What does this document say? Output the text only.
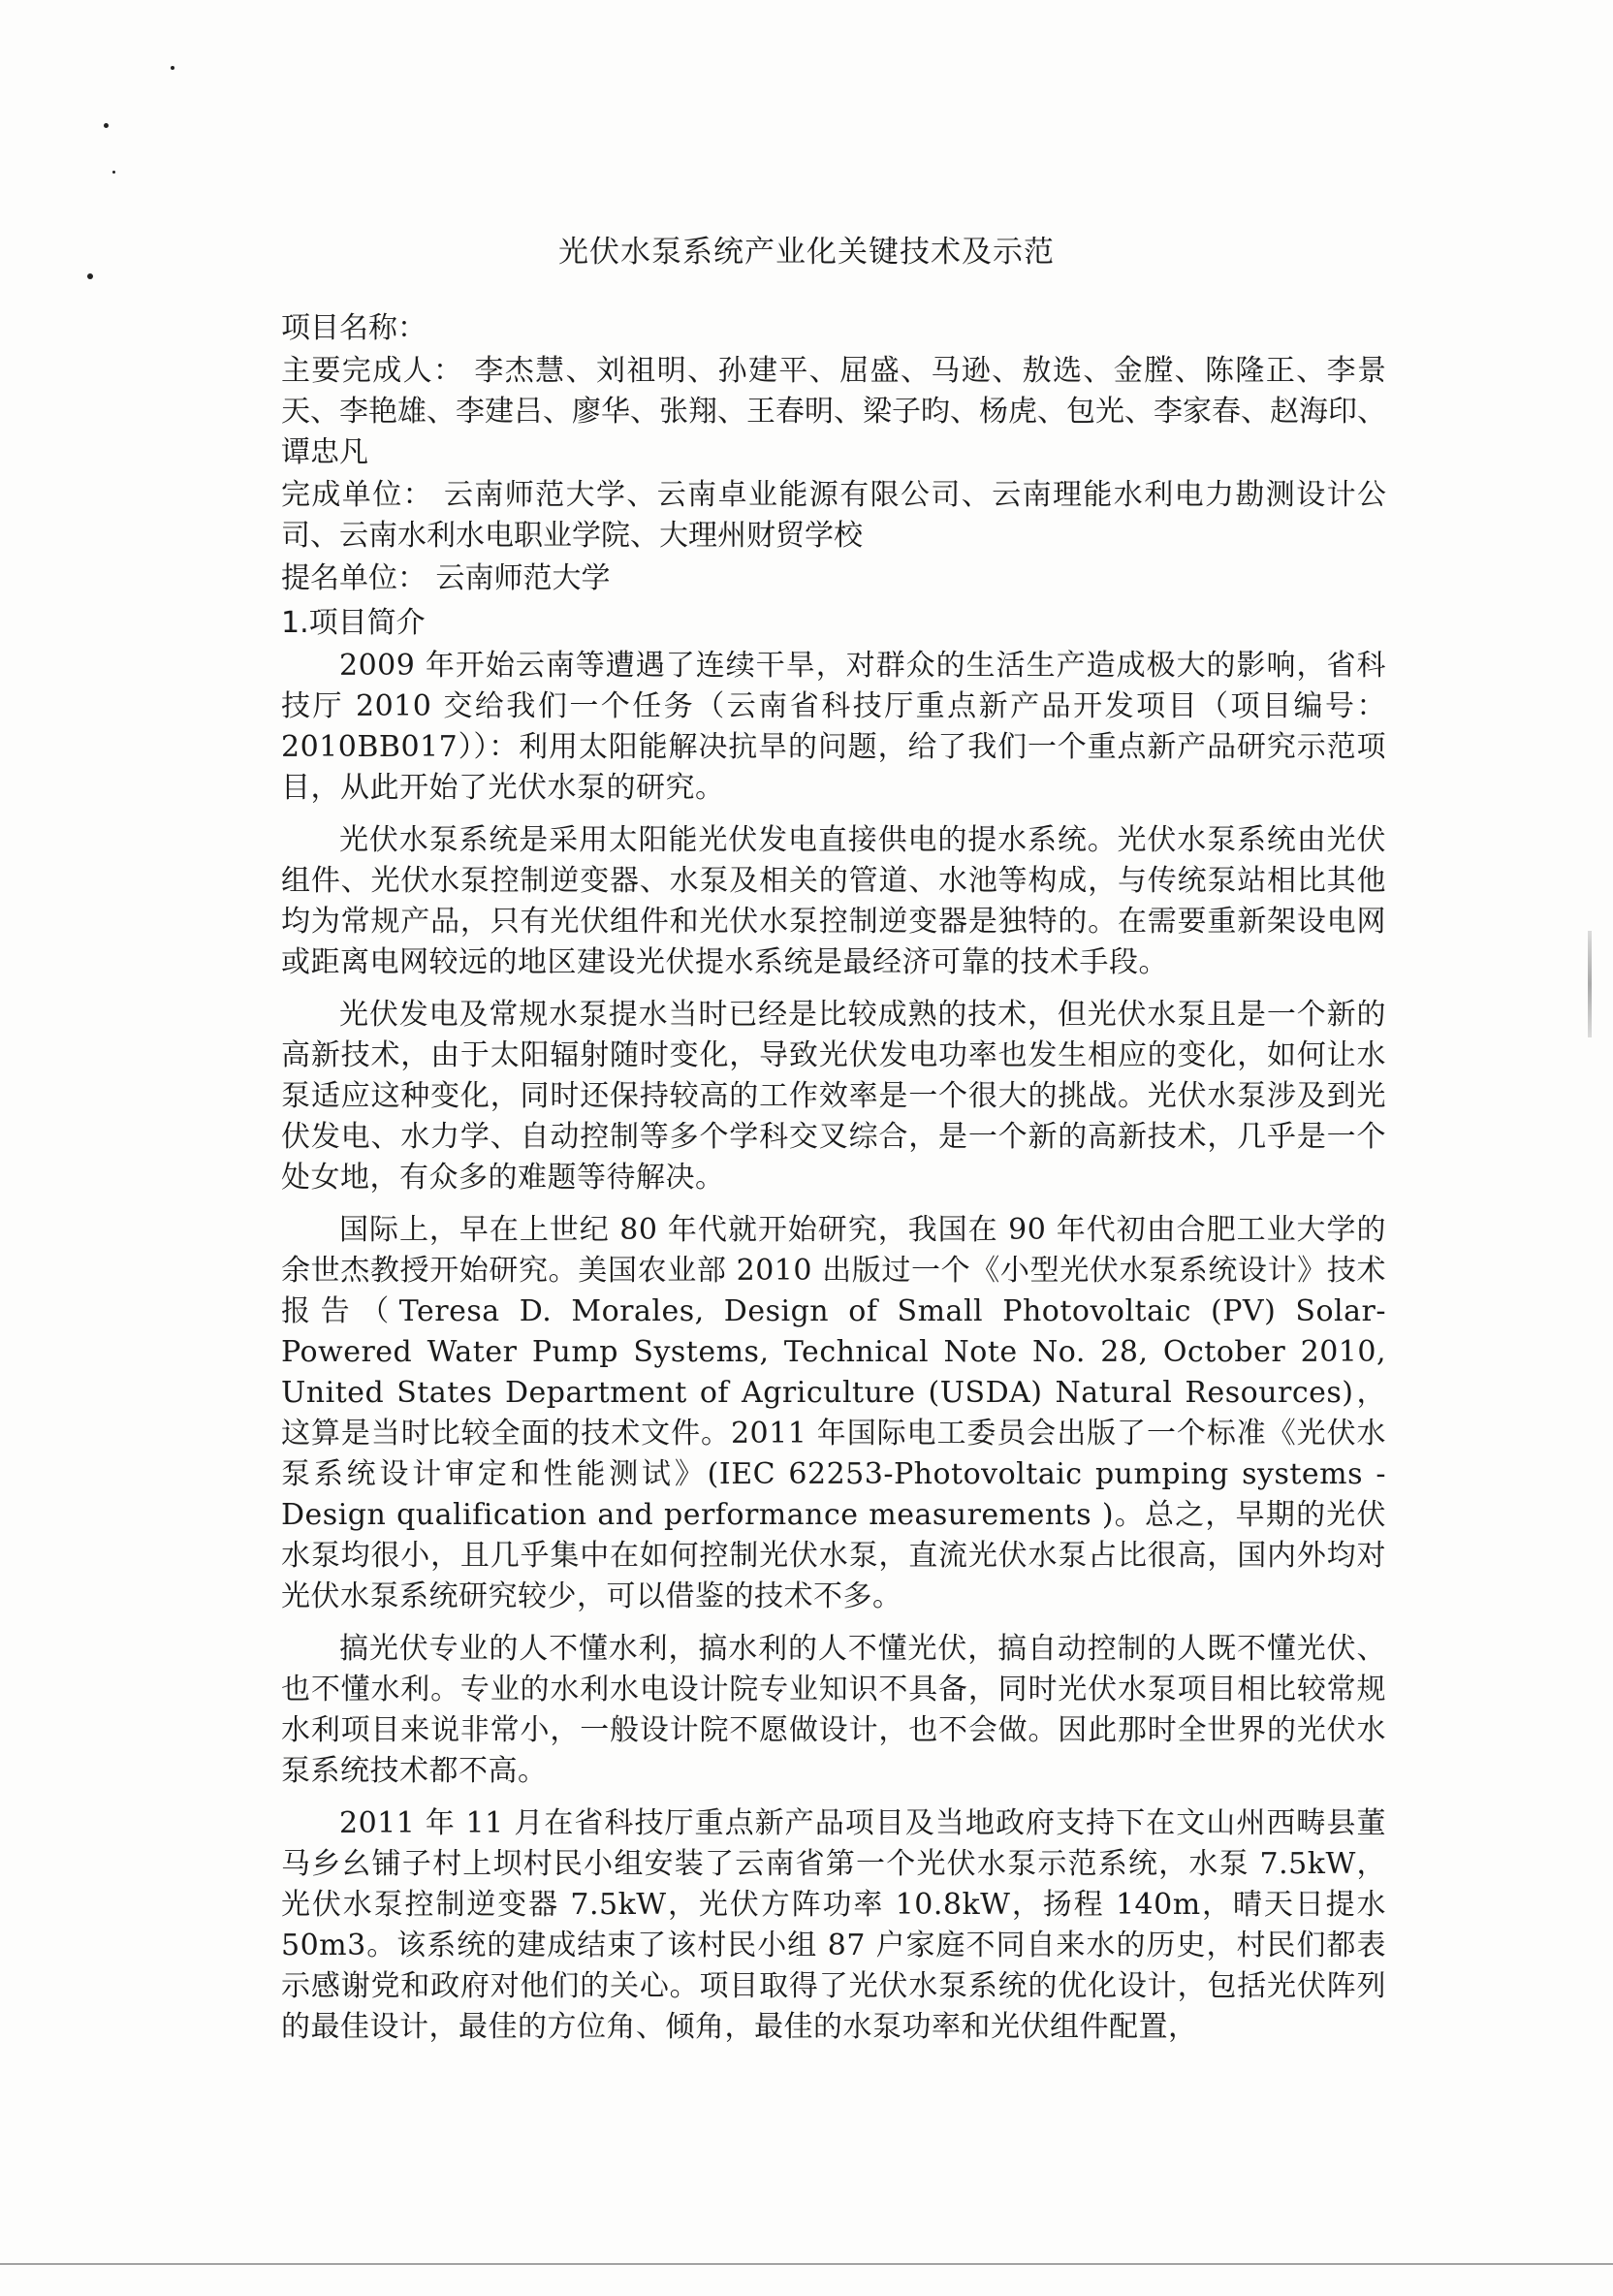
光伏水泵系统产业化关键技术及示范
项目名称：
主要完成人： 李杰慧、刘祖明、孙建平、屈盛、马逊、敖选、金膛、陈隆正、李景天、李艳雄、李建吕、廖华、张翔、王春明、梁子昀、杨虎、包光、李家春、赵海印、谭忠凡
完成单位： 云南师范大学、云南卓业能源有限公司、云南理能水利电力勘测设计公司、云南水利水电职业学院、大理州财贸学校
提名单位： 云南师范大学
1.项目简介

2009 年开始云南等遭遇了连续干旱，对群众的生活生产造成极大的影响，省科技厅 2010 交给我们一个任务（云南省科技厅重点新产品开发项目（项目编号：2010BB017））：利用太阳能解决抗旱的问题，给了我们一个重点新产品研究示范项目，从此开始了光伏水泵的研究。

光伏水泵系统是采用太阳能光伏发电直接供电的提水系统。光伏水泵系统由光伏组件、光伏水泵控制逆变器、水泵及相关的管道、水池等构成，与传统泵站相比其他均为常规产品，只有光伏组件和光伏水泵控制逆变器是独特的。在需要重新架设电网或距离电网较远的地区建设光伏提水系统是最经济可靠的技术手段。

光伏发电及常规水泵提水当时已经是比较成熟的技术，但光伏水泵且是一个新的高新技术，由于太阳辐射随时变化，导致光伏发电功率也发生相应的变化，如何让水泵适应这种变化，同时还保持较高的工作效率是一个很大的挑战。光伏水泵涉及到光伏发电、水力学、自动控制等多个学科交叉综合，是一个新的高新技术，几乎是一个处女地，有众多的难题等待解决。

国际上，早在上世纪 80 年代就开始研究，我国在 90 年代初由合肥工业大学的余世杰教授开始研究。美国农业部 2010 出版过一个《小型光伏水泵系统设计》技术报告（Teresa D. Morales, Design of Small Photovoltaic (PV) Solar-Powered Water Pump Systems, Technical Note No. 28, October 2010, United States Department of Agriculture (USDA) Natural Resources)，这算是当时比较全面的技术文件。2011 年国际电工委员会出版了一个标准《光伏水泵系统设计审定和性能测试》(IEC 62253-Photovoltaic pumping systems - Design qualification and performance measurements )。总之，早期的光伏水泵均很小，且几乎集中在如何控制光伏水泵，直流光伏水泵占比很高，国内外均对光伏水泵系统研究较少，可以借鉴的技术不多。

搞光伏专业的人不懂水利，搞水利的人不懂光伏，搞自动控制的人既不懂光伏、也不懂水利。专业的水利水电设计院专业知识不具备，同时光伏水泵项目相比较常规水利项目来说非常小，一般设计院不愿做设计，也不会做。因此那时全世界的光伏水泵系统技术都不高。

2011 年 11 月在省科技厅重点新产品项目及当地政府支持下在文山州西畴县董马乡幺铺子村上坝村民小组安装了云南省第一个光伏水泵示范系统，水泵 7.5kW，光伏水泵控制逆变器 7.5kW，光伏方阵功率 10.8kW，扬程 140m，晴天日提水 50m3。该系统的建成结束了该村民小组 87 户家庭不同自来水的历史，村民们都表示感谢党和政府对他们的关心。项目取得了光伏水泵系统的优化设计，包括光伏阵列的最佳设计，最佳的方位角、倾角，最佳的水泵功率和光伏组件配置，
